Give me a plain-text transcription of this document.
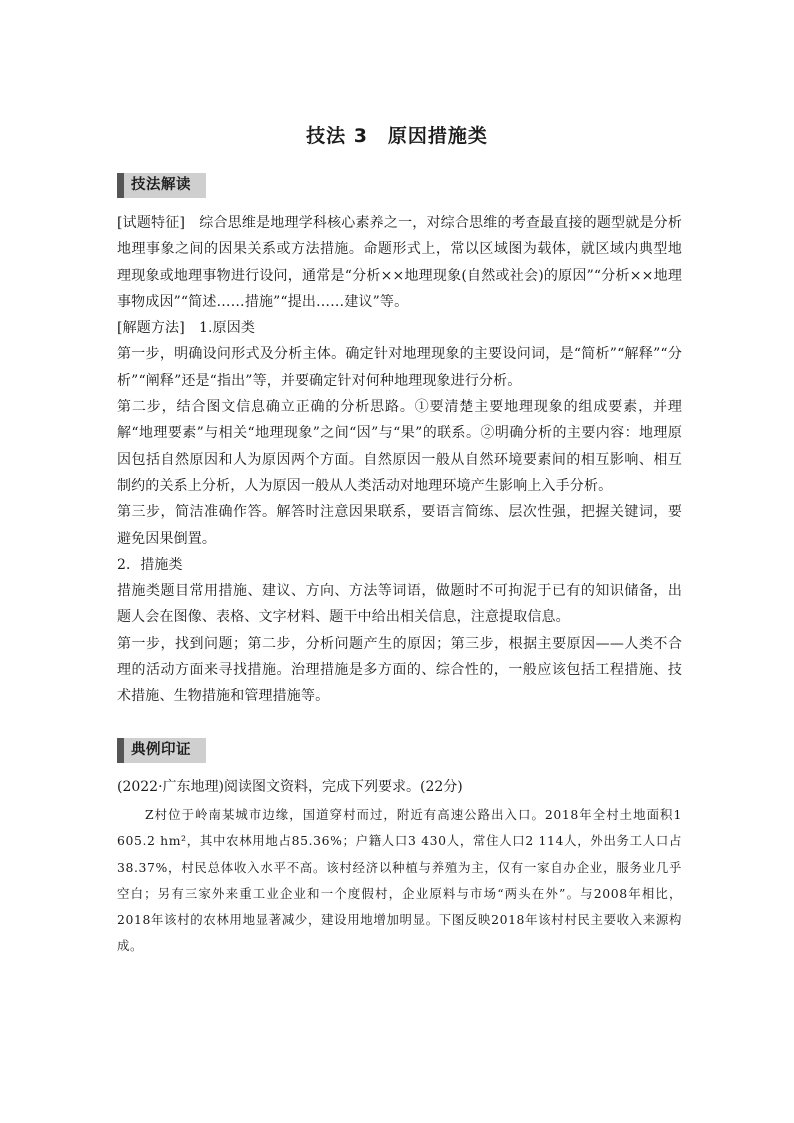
技法 3　原因措施类
技法解读

[试题特征]　综合思维是地理学科核心素养之一，对综合思维的考查最直接的题型就是分析地理事象之间的因果关系或方法措施。命题形式上，常以区域图为载体，就区域内典型地理现象或地理事物进行设问，通常是“分析××地理现象(自然或社会)的原因”“分析××地理事物成因”“简述……措施”“提出……建议”等。

[解题方法]　1.原因类

第一步，明确设问形式及分析主体。确定针对地理现象的主要设问词，是“简析”“解释”“分析”“阐释”还是“指出”等，并要确定针对何种地理现象进行分析。

第二步，结合图文信息确立正确的分析思路。①要清楚主要地理现象的组成要素，并理解“地理要素”与相关“地理现象”之间“因”与“果”的联系。②明确分析的主要内容：地理原因包括自然原因和人为原因两个方面。自然原因一般从自然环境要素间的相互影响、相互制约的关系上分析，人为原因一般从人类活动对地理环境产生影响上入手分析。

第三步，简洁准确作答。解答时注意因果联系，要语言简练、层次性强，把握关键词，要避免因果倒置。

2．措施类

措施类题目常用措施、建议、方向、方法等词语，做题时不可拘泥于已有的知识储备，出题人会在图像、表格、文字材料、题干中给出相关信息，注意提取信息。

第一步，找到问题；第二步，分析问题产生的原因；第三步，根据主要原因——人类不合理的活动方面来寻找措施。治理措施是多方面的、综合性的，一般应该包括工程措施、技术措施、生物措施和管理措施等。

典例印证
(2022·广东地理)阅读图文资料，完成下列要求。(22分)

Z村位于岭南某城市边缘，国道穿村而过，附近有高速公路出入口。2018年全村土地面积1 605.2 hm²，其中农林用地占85.36%；户籍人口3 430人，常住人口2 114人，外出务工人口占38.37%，村民总体收入水平不高。该村经济以种植与养殖为主，仅有一家自办企业，服务业几乎空白；另有三家外来重工业企业和一个度假村，企业原料与市场“两头在外”。与2008年相比，2018年该村的农林用地显著减少，建设用地增加明显。下图反映2018年该村村民主要收入来源构成。
